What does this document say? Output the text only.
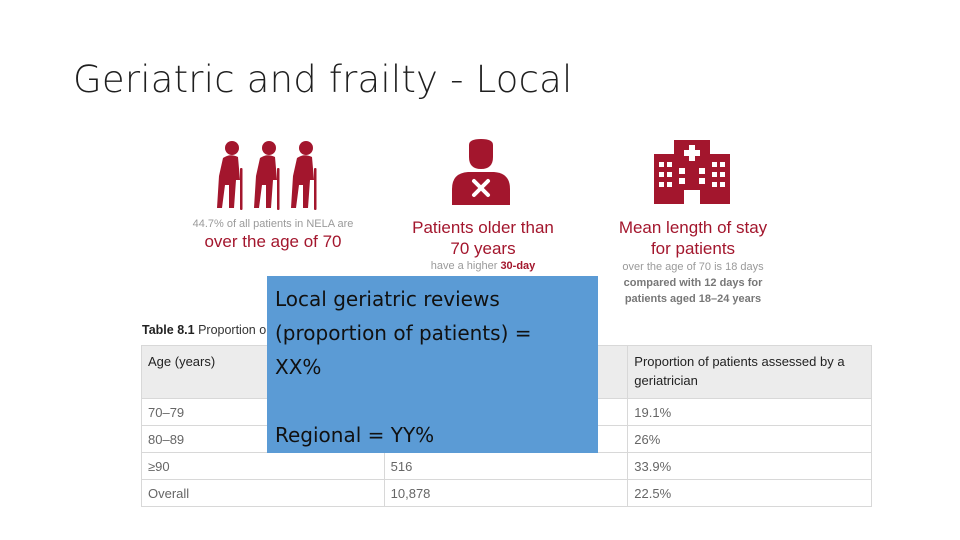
Geriatric and frailty - Local
44.7% of all patients in NELA are
over the age of 70
Patients older than
70 years
have a higher 30-day
Mean length of stay
for patients
over the age of 70 is 18 days
compared with 12 days for
patients aged 18–24 years
Table 8.1 Proportion o
Age (years)		Proportion of patients assessed by a geriatrician
70–79		19.1%
80–89		26%
≥90	516	33.9%
Overall	10,878	22.5%

Local geriatric reviews

(proportion of patients) =

XX%

Regional = YY%
